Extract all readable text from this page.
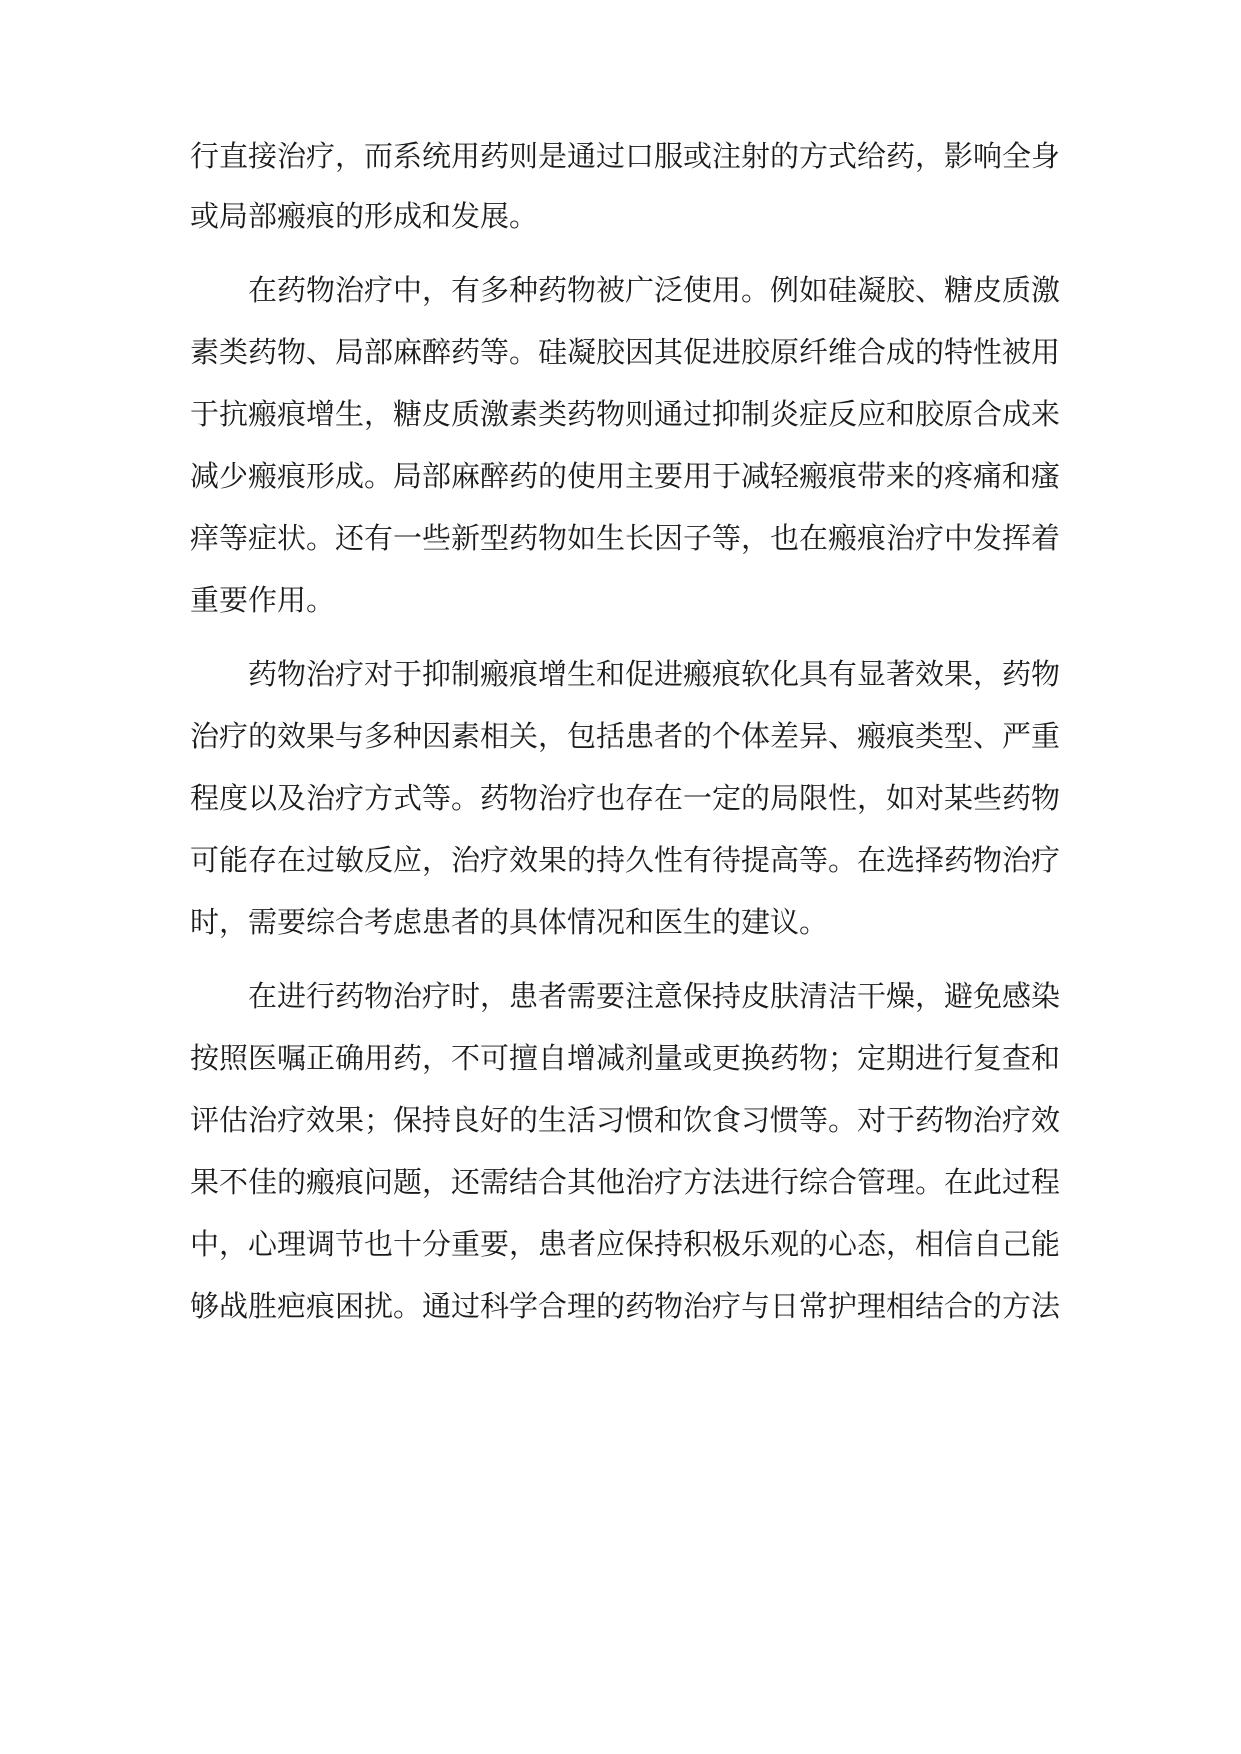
行直接治疗，而系统用药则是通过口服或注射的方式给药，影响全身
或局部瘢痕的形成和发展。
在药物治疗中，有多种药物被广泛使用。例如硅凝胶、糖皮质激
素类药物、局部麻醉药等。硅凝胶因其促进胶原纤维合成的特性被用
于抗瘢痕增生，糖皮质激素类药物则通过抑制炎症反应和胶原合成来
减少瘢痕形成。局部麻醉药的使用主要用于减轻瘢痕带来的疼痛和瘙
痒等症状。还有一些新型药物如生长因子等，也在瘢痕治疗中发挥着
重要作用。
药物治疗对于抑制瘢痕增生和促进瘢痕软化具有显著效果，药物
治疗的效果与多种因素相关，包括患者的个体差异、瘢痕类型、严重
程度以及治疗方式等。药物治疗也存在一定的局限性，如对某些药物
可能存在过敏反应，治疗效果的持久性有待提高等。在选择药物治疗
时，需要综合考虑患者的具体情况和医生的建议。
在进行药物治疗时，患者需要注意保持皮肤清洁干燥，避免感染
按照医嘱正确用药，不可擅自增减剂量或更换药物；定期进行复查和
评估治疗效果；保持良好的生活习惯和饮食习惯等。对于药物治疗效
果不佳的瘢痕问题，还需结合其他治疗方法进行综合管理。在此过程
中，心理调节也十分重要，患者应保持积极乐观的心态，相信自己能
够战胜疤痕困扰。通过科学合理的药物治疗与日常护理相结合的方法
